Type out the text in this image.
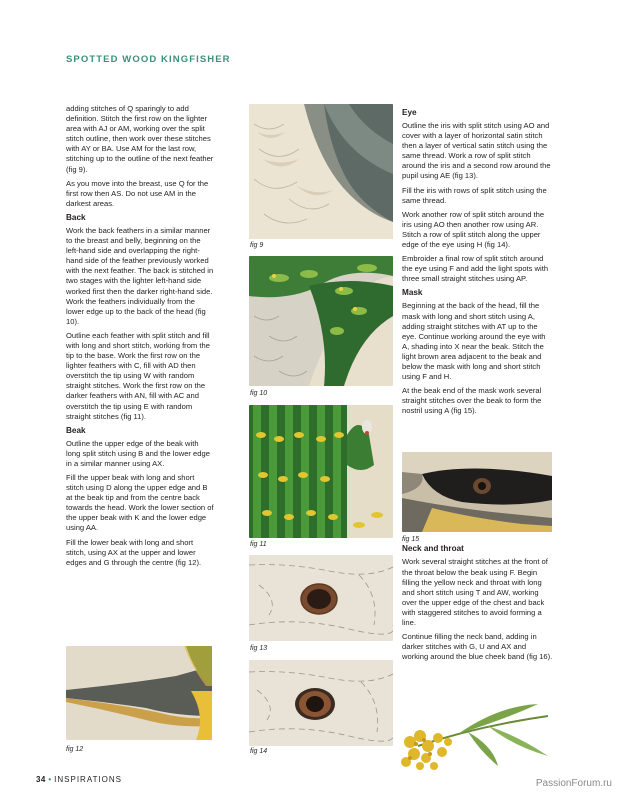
SPOTTED WOOD KINGFISHER

adding stitches of Q sparingly to add definition. Stitch the first row on the lighter area with AJ or AM, working over the split stitch outline, then work over these stitches with AY or BA. Use AM for the last row, stitching up to the outline of the next feather (fig 9).

As you move into the breast, use Q for the first row then AS. Do not use AM in the darkest areas.

Back

Work the back feathers in a similar manner to the breast and belly, beginning on the left-hand side and overlapping the right-hand side of the feather previously worked with the next feather. The back is stitched in two stages with the lighter left-hand side worked first then the darker right-hand side. Work the feathers individually from the lower edge up to the back of the head (fig 10).

Outline each feather with split stitch and fill with long and short stitch, working from the tip to the base. Work the first row on the lighter feathers with C, fill with AD then overstitch the tip using W with random straight stitches. Work the first row on the darker feathers with AN, fill with AC and overstitch the tip using E with random straight stitches (fig 11).

Beak

Outline the upper edge of the beak with long split stitch using B and the lower edge in a similar manner using AX.

Fill the upper beak with long and short stitch using D along the upper edge and B at the beak tip and from the centre back towards the head. Work the lower section of the upper beak with K and the lower edge using AA.

Fill the lower beak with long and short stitch, using AX at the upper and lower edges and G through the centre (fig 12).

Eye

Outline the iris with split stitch using AO and cover with a layer of horizontal satin stitch then a layer of vertical satin stitch using the same thread. Work a row of split stitch around the iris and a second row around the pupil using AE (fig 13).

Fill the iris with rows of split stitch using the same thread.

Work another row of split stitch around the iris using AO then another row using AR. Stitch a row of split stitch along the upper edge of the eye using H (fig 14).

Embroider a final row of split stitch around the eye using F and add the light spots with three small straight stitches using AP.

Mask

Beginning at the back of the head, fill the mask with long and short stitch using A, adding straight stitches with AT up to the eye. Continue working around the eye with A, shading into X near the beak. Stitch the light brown area adjacent to the beak and below the mask with long and short stitch using F and H.

At the beak end of the mask work several straight stitches over the beak to form the nostril using A (fig 15).

Neck and throat

Work several straight stitches at the front of the throat below the beak using F. Begin filling the yellow neck and throat with long and short stitch using T and AW, working over the upper edge of the chest and back with staggered stitches to avoid forming a line.

Continue filling the neck band, adding in darker stitches with G, U and AX and working around the blue cheek band (fig 16).

fig 9
fig 10
fig 11
fig 12
fig 13
fig 14
fig 15
34 • INSPIRATIONS	PassionForum.ru
